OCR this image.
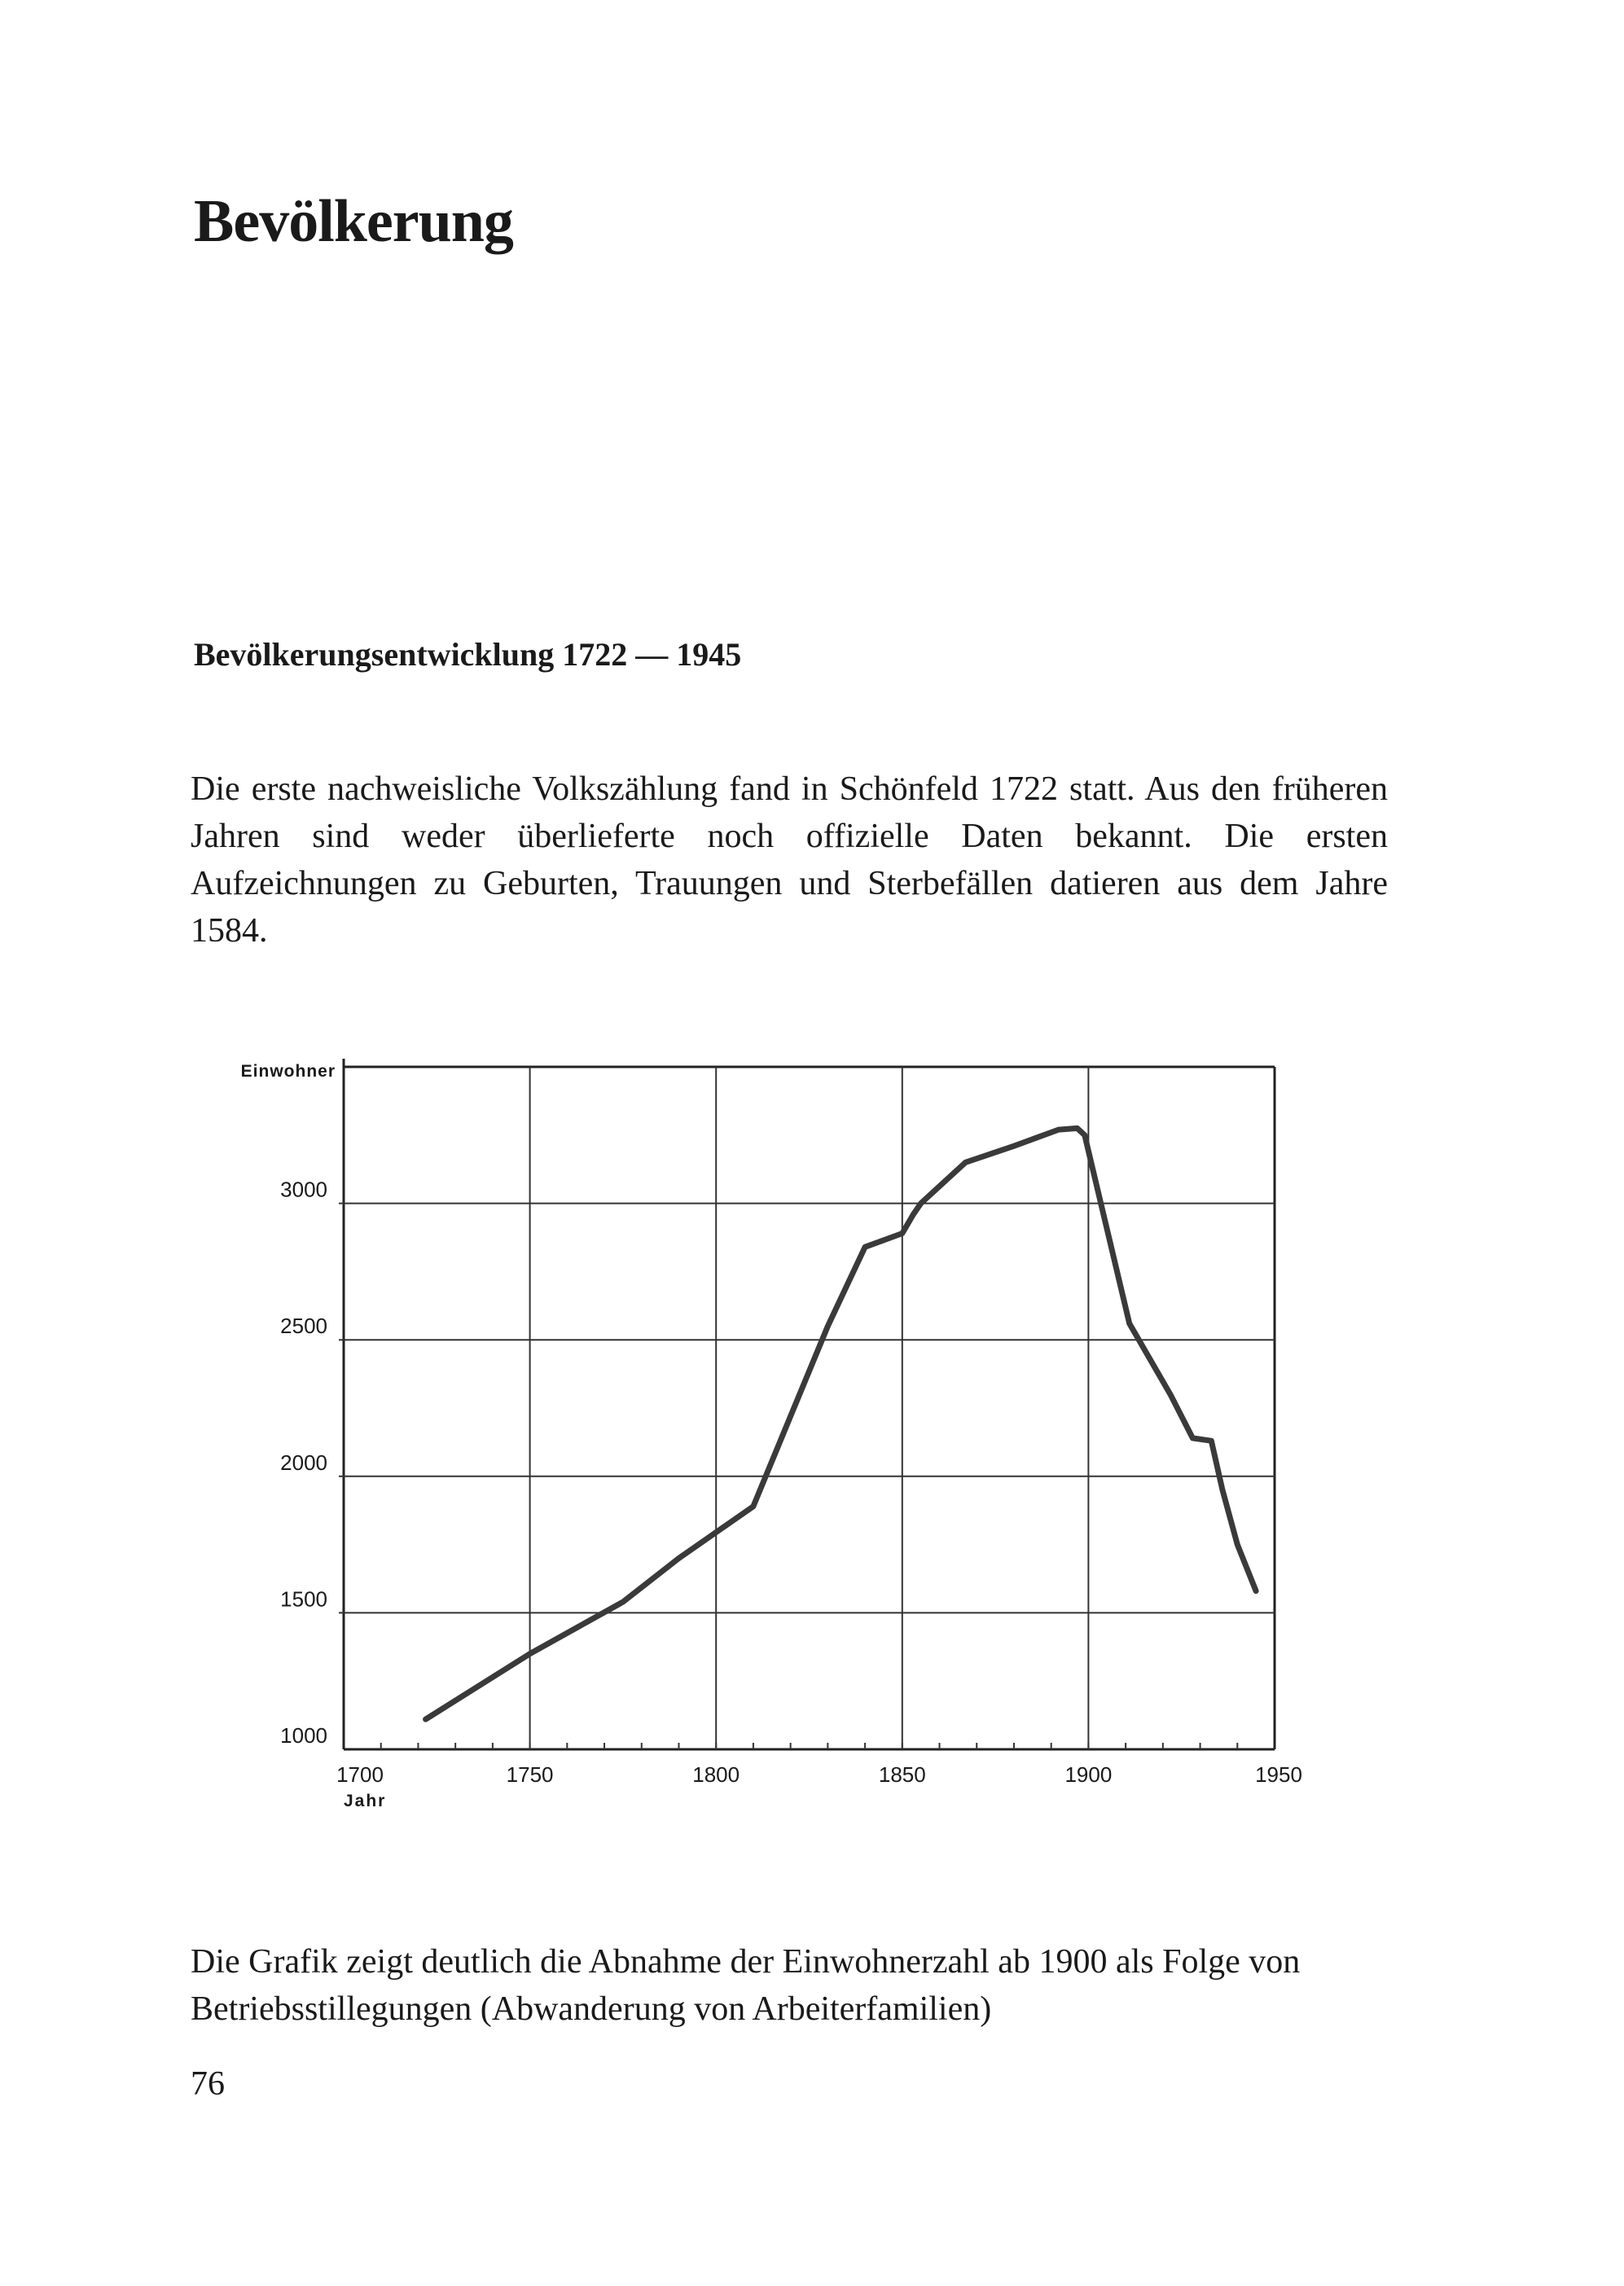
Bevölkerung
Bevölkerungsentwicklung 1722 — 1945

Die erste nachweisliche Volkszählung fand in Schönfeld 1722 statt. Aus den früheren Jahren sind weder überlieferte noch offizielle Daten bekannt. Die ersten Aufzeichnungen zu Geburten, Trauungen und Sterbefällen datieren aus dem Jahre 1584.

1000
1500
2000
2500
3000
1700	1750	1800	1850	1900	1950
Einwohner
Jahr

Die Grafik zeigt deutlich die Abnahme der Einwohnerzahl ab 1900 als Folge von Betriebsstillegungen (Abwanderung von Arbeiterfamilien)

76
